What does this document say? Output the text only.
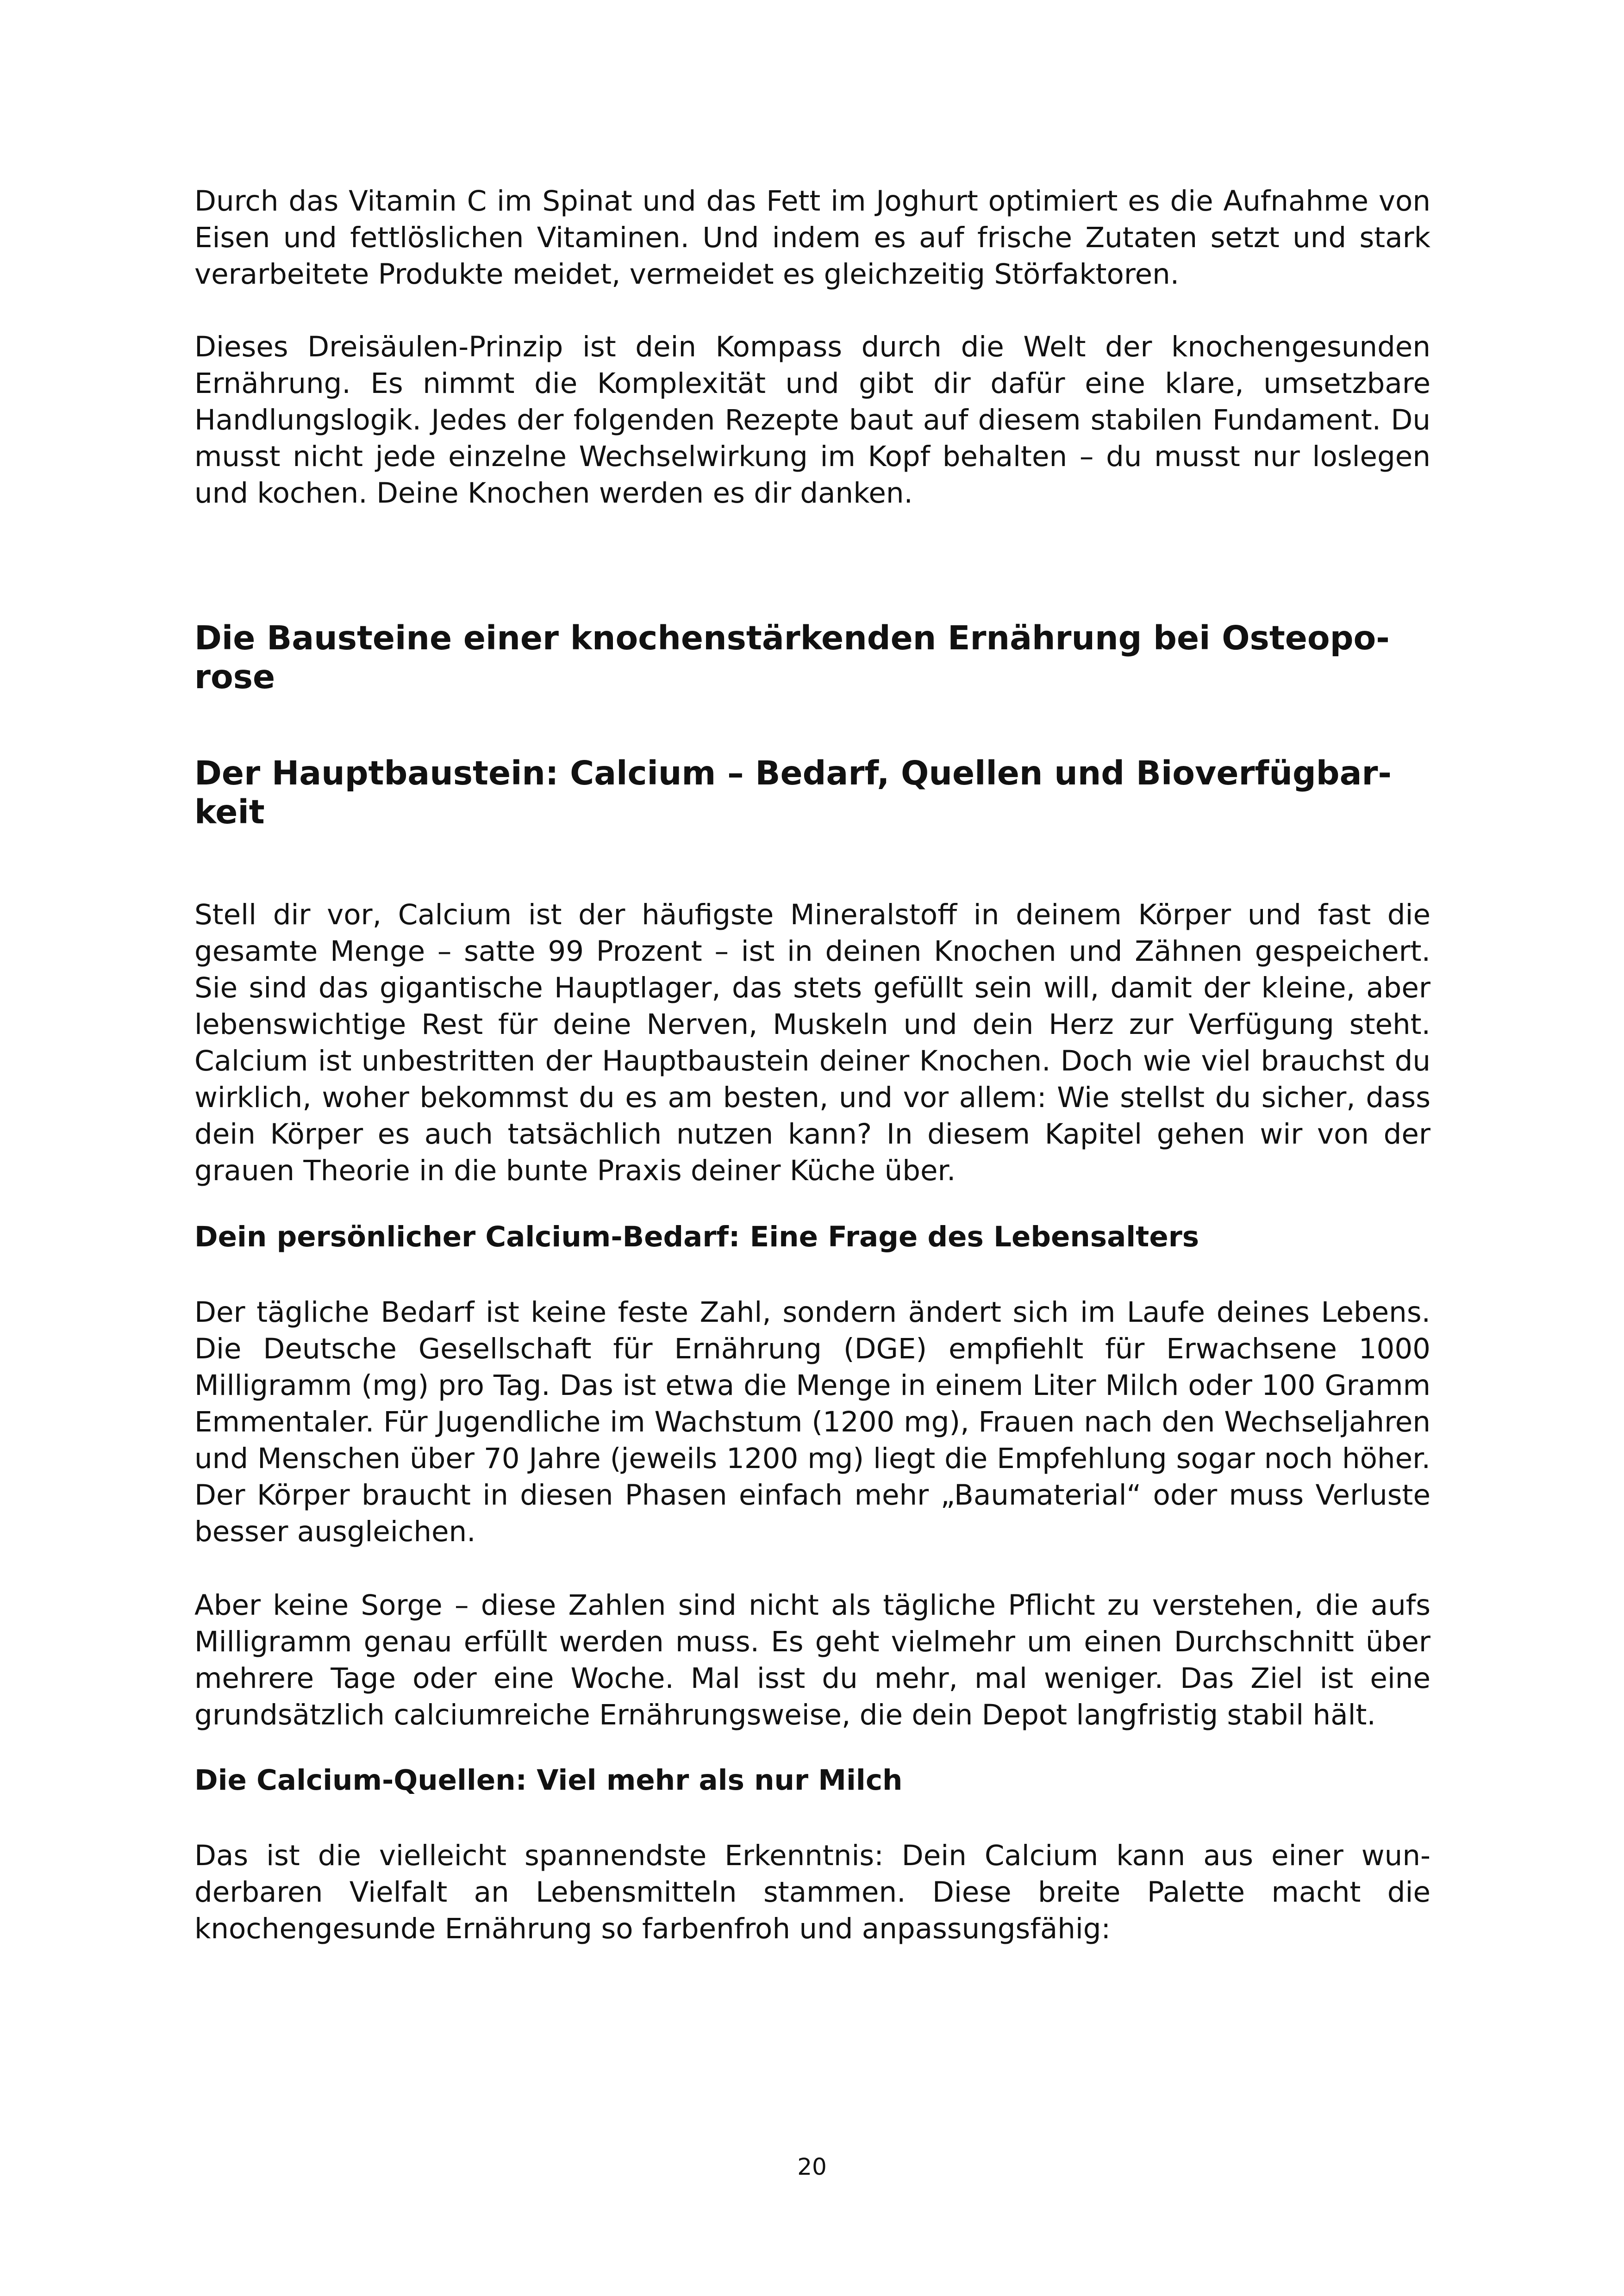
Durch das Vitamin C im Spinat und das Fett im Joghurt optimiert es die Aufnahme von Eisen und fettlöslichen Vitaminen. Und indem es auf frische Zutaten setzt und stark verarbeitete Produkte meidet, vermeidet es gleichzeitig Störfaktoren.

Dieses Dreisäulen-Prinzip ist dein Kompass durch die Welt der knochengesunden Ernährung. Es nimmt die Komplexität und gibt dir dafür eine klare, umsetzbare Handlungslogik. Jedes der folgenden Rezepte baut auf diesem stabilen Fundament. Du musst nicht jede einzelne Wechselwirkung im Kopf behalten – du musst nur loslegen und kochen. Deine Knochen werden es dir danken.

Die Bausteine einer knochenstärkenden Ernährung bei Osteoporose
Der Hauptbaustein: Calcium – Bedarf, Quellen und Bioverfügbarkeit

Stell dir vor, Calcium ist der häufigste Mineralstoff in deinem Körper und fast die gesamte Menge – satte 99 Prozent – ist in deinen Knochen und Zähnen gespeichert. Sie sind das gigantische Hauptlager, das stets gefüllt sein will, damit der kleine, aber lebenswichtige Rest für deine Nerven, Muskeln und dein Herz zur Verfügung steht. Calcium ist unbestritten der Hauptbaustein deiner Knochen. Doch wie viel brauchst du wirklich, woher bekommst du es am besten, und vor allem: Wie stellst du sicher, dass dein Körper es auch tatsächlich nutzen kann? In diesem Kapitel gehen wir von der grauen Theorie in die bunte Praxis deiner Küche über.

Dein persönlicher Calcium-Bedarf: Eine Frage des Lebensalters

Der tägliche Bedarf ist keine feste Zahl, sondern ändert sich im Laufe deines Lebens. Die Deutsche Gesellschaft für Ernährung (DGE) empfiehlt für Erwachsene 1000 Milligramm (mg) pro Tag. Das ist etwa die Menge in einem Liter Milch oder 100 Gramm Emmentaler. Für Jugendliche im Wachstum (1200 mg), Frauen nach den Wechseljahren und Menschen über 70 Jahre (jeweils 1200 mg) liegt die Empfehlung sogar noch höher. Der Körper braucht in diesen Phasen einfach mehr „Baumaterial“ oder muss Verluste besser ausgleichen.

Aber keine Sorge – diese Zahlen sind nicht als tägliche Pflicht zu verstehen, die aufs Milligramm genau erfüllt werden muss. Es geht vielmehr um einen Durchschnitt über mehrere Tage oder eine Woche. Mal isst du mehr, mal weniger. Das Ziel ist eine grundsätzlich calciumreiche Ernährungsweise, die dein Depot langfristig stabil hält.

Die Calcium-Quellen: Viel mehr als nur Milch

Das ist die vielleicht spannendste Erkenntnis: Dein Calcium kann aus einer wunderbaren Vielfalt an Lebensmitteln stammen. Diese breite Palette macht die knochengesunde Ernährung so farbenfroh und anpassungsfähig:

20
